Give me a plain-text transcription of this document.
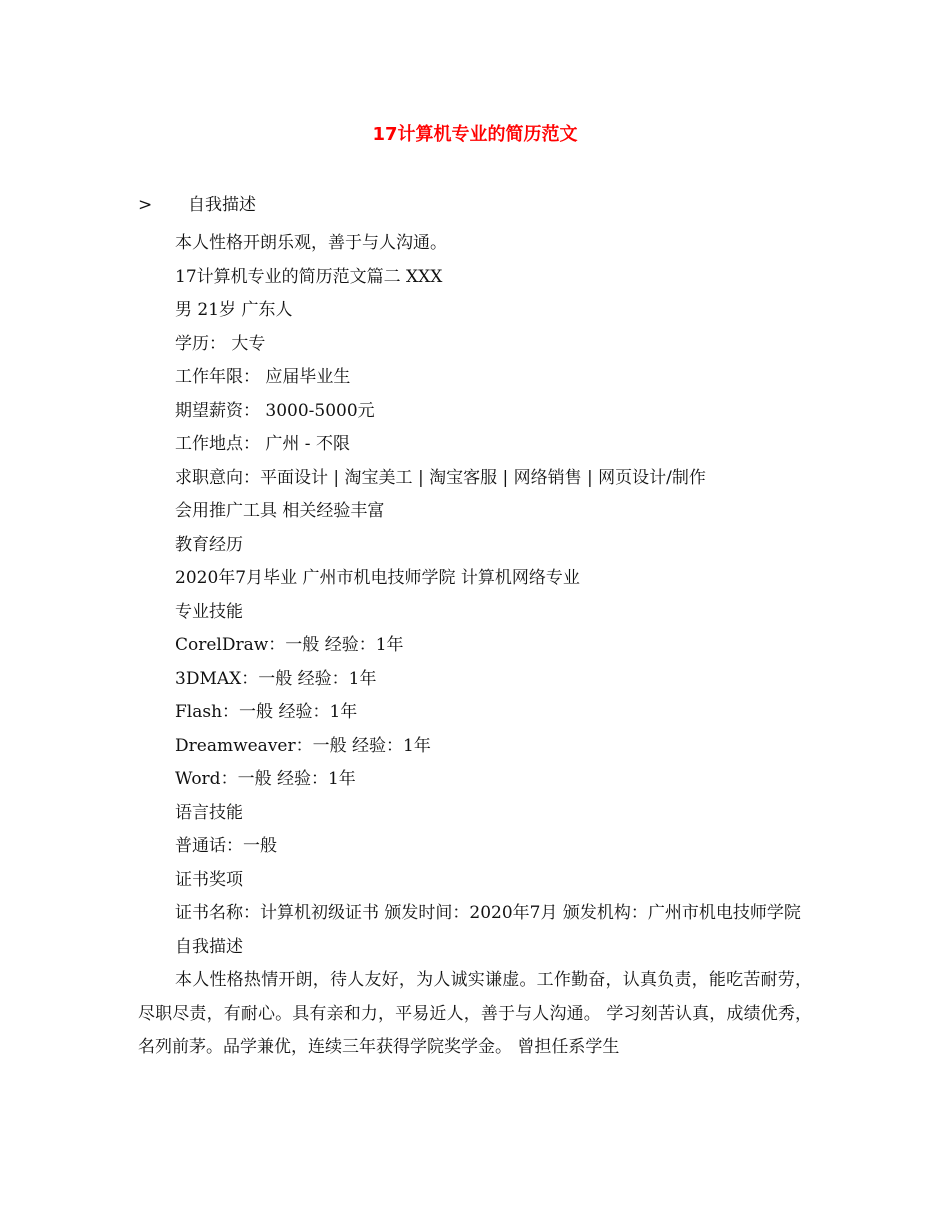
17计算机专业的简历范文
> 自我描述
本人性格开朗乐观，善于与人沟通。
17计算机专业的简历范文篇二 XXX
男 21岁 广东人
学历： 大专
工作年限： 应届毕业生
期望薪资： 3000-5000元
工作地点： 广州 - 不限
求职意向：平面设计 | 淘宝美工 | 淘宝客服 | 网络销售 | 网页设计/制作
会用推广工具 相关经验丰富
教育经历
2020年7月毕业 广州市机电技师学院 计算机网络专业
专业技能
CorelDraw：一般 经验：1年
3DMAX：一般 经验：1年
Flash：一般 经验：1年
Dreamweaver：一般 经验：1年
Word：一般 经验：1年
语言技能
普通话：一般
证书奖项
证书名称：计算机初级证书 颁发时间：2020年7月 颁发机构：广州市机电技师学院
自我描述
本人性格热情开朗，待人友好，为人诚实谦虚。工作勤奋，认真负责，能吃苦耐劳，尽职尽责，有耐心。具有亲和力，平易近人，善于与人沟通。 学习刻苦认真，成绩优秀，名列前茅。品学兼优，连续三年获得学院奖学金。 曾担任系学生
